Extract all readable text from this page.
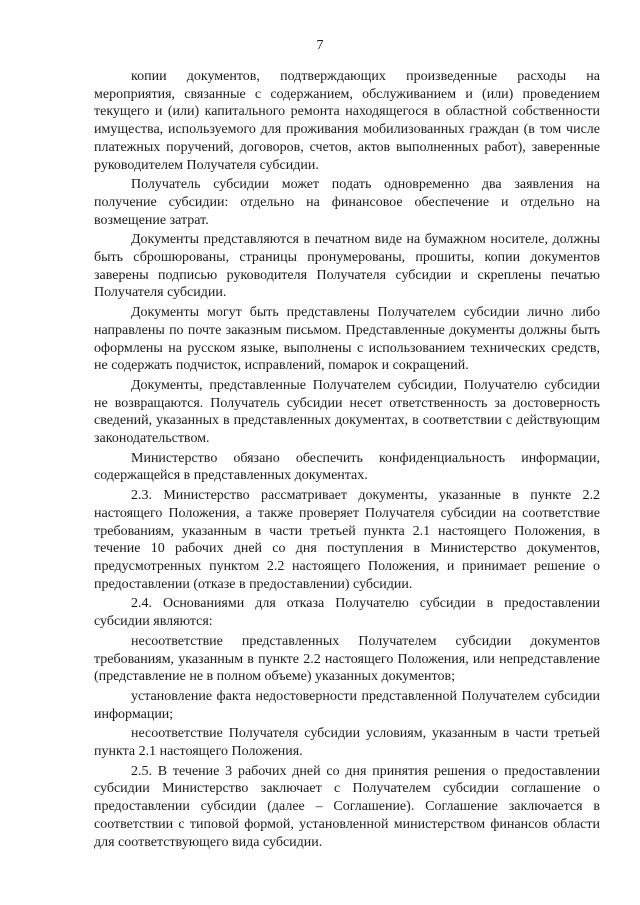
7

копии документов, подтверждающих произведенные расходы на мероприятия, связанные с содержанием, обслуживанием и (или) проведением текущего и (или) капитального ремонта находящегося в областной собственности имущества, используемого для проживания мобилизованных граждан (в том числе платежных поручений, договоров, счетов, актов выполненных работ), заверенные руководителем Получателя субсидии.

Получатель субсидии может подать одновременно два заявления на получение субсидии: отдельно на финансовое обеспечение и отдельно на возмещение затрат.

Документы представляются в печатном виде на бумажном носителе, должны быть сброшюрованы, страницы пронумерованы, прошиты, копии документов заверены подписью руководителя Получателя субсидии и скреплены печатью Получателя субсидии.

Документы могут быть представлены Получателем субсидии лично либо направлены по почте заказным письмом. Представленные документы должны быть оформлены на русском языке, выполнены с использованием технических средств, не содержать подчисток, исправлений, помарок и сокращений.

Документы, представленные Получателем субсидии, Получателю субсидии не возвращаются. Получатель субсидии несет ответственность за достоверность сведений, указанных в представленных документах, в соответствии с действующим законодательством.

Министерство обязано обеспечить конфиденциальность информации, содержащейся в представленных документах.

2.3. Министерство рассматривает документы, указанные в пункте 2.2 настоящего Положения, а также проверяет Получателя субсидии на соответствие требованиям, указанным в части третьей пункта 2.1 настоящего Положения, в течение 10 рабочих дней со дня поступления в Министерство документов, предусмотренных пунктом 2.2 настоящего Положения, и принимает решение о предоставлении (отказе в предоставлении) субсидии.

2.4. Основаниями для отказа Получателю субсидии в предоставлении субсидии являются:

несоответствие представленных Получателем субсидии документов требованиям, указанным в пункте 2.2 настоящего Положения, или непредставление (представление не в полном объеме) указанных документов;

установление факта недостоверности представленной Получателем субсидии информации;

несоответствие Получателя субсидии условиям, указанным в части третьей пункта 2.1 настоящего Положения.

2.5. В течение 3 рабочих дней со дня принятия решения о предоставлении субсидии Министерство заключает с Получателем субсидии соглашение о предоставлении субсидии (далее – Соглашение). Соглашение заключается в соответствии с типовой формой, установленной министерством финансов области для соответствующего вида субсидии.
